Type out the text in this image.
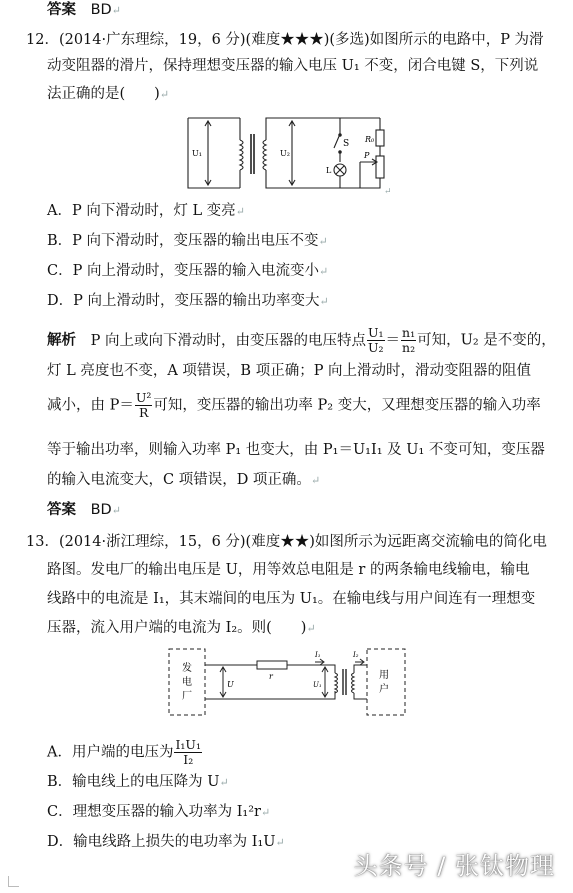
答案 BD↵
12．(2014·广东理综，19，6 分)(难度★★★)(多选)如图所示的电路中，P 为滑
动变阻器的滑片，保持理想变压器的输入电压 U₁ 不变，闭合电键 S，下列说
法正确的是(　　)↵
U₁	U₂
S R₀
P
L
↵
A．P 向下滑动时，灯 L 变亮↵
B．P 向下滑动时，变压器的输出电压不变↵
C．P 向上滑动时，变压器的输入电流变小↵
D．P 向上滑动时，变压器的输出功率变大↵
解析 P 向上或向下滑动时，由变压器的电压特点 $\frac{\text{U₁}}{\text{U₂}} = \frac{\text{n₁}}{\text{n₂}}$ 可知，U₂ 是不变的，
灯 L 亮度也不变，A 项错误，B 项正确；P 向上滑动时，滑动变阻器的阻值
减小，由 $P= \frac{\text{U²}}{R}$ 可知，变压器的输出功率 P₂ 变大，又理想变压器的输入功率
等于输出功率，则输入功率 P₁ 也变大，由 P₁＝U₁I₁ 及 U₁ 不变可知，变压器
的输入电流变大，C 项错误，D 项正确。↵
答案 BD↵
13．(2014·浙江理综，15，6 分)(难度★★)如图所示为远距离交流输电的简化电
路图。发电厂的输出电压是 U，用等效总电阻是 r 的两条输电线输电，输电
线路中的电流是 I₁，其末端间的电压为 U₁。在输电线与用户间连有一理想变
压器，流入用户端的电流为 I₂。则(　　)↵
发
电
厂
用
户
U
r
I₁	I₂
U₁
A．用户端的电压为 $\frac{\text{I₁U₁}}{\text{I₂}}$
B．输电线上的电压降为 U↵
C．理想变压器的输入功率为 I₁²r↵
D．输电线路上损失的电功率为 I₁U↵
头条号 / 张钛物理
